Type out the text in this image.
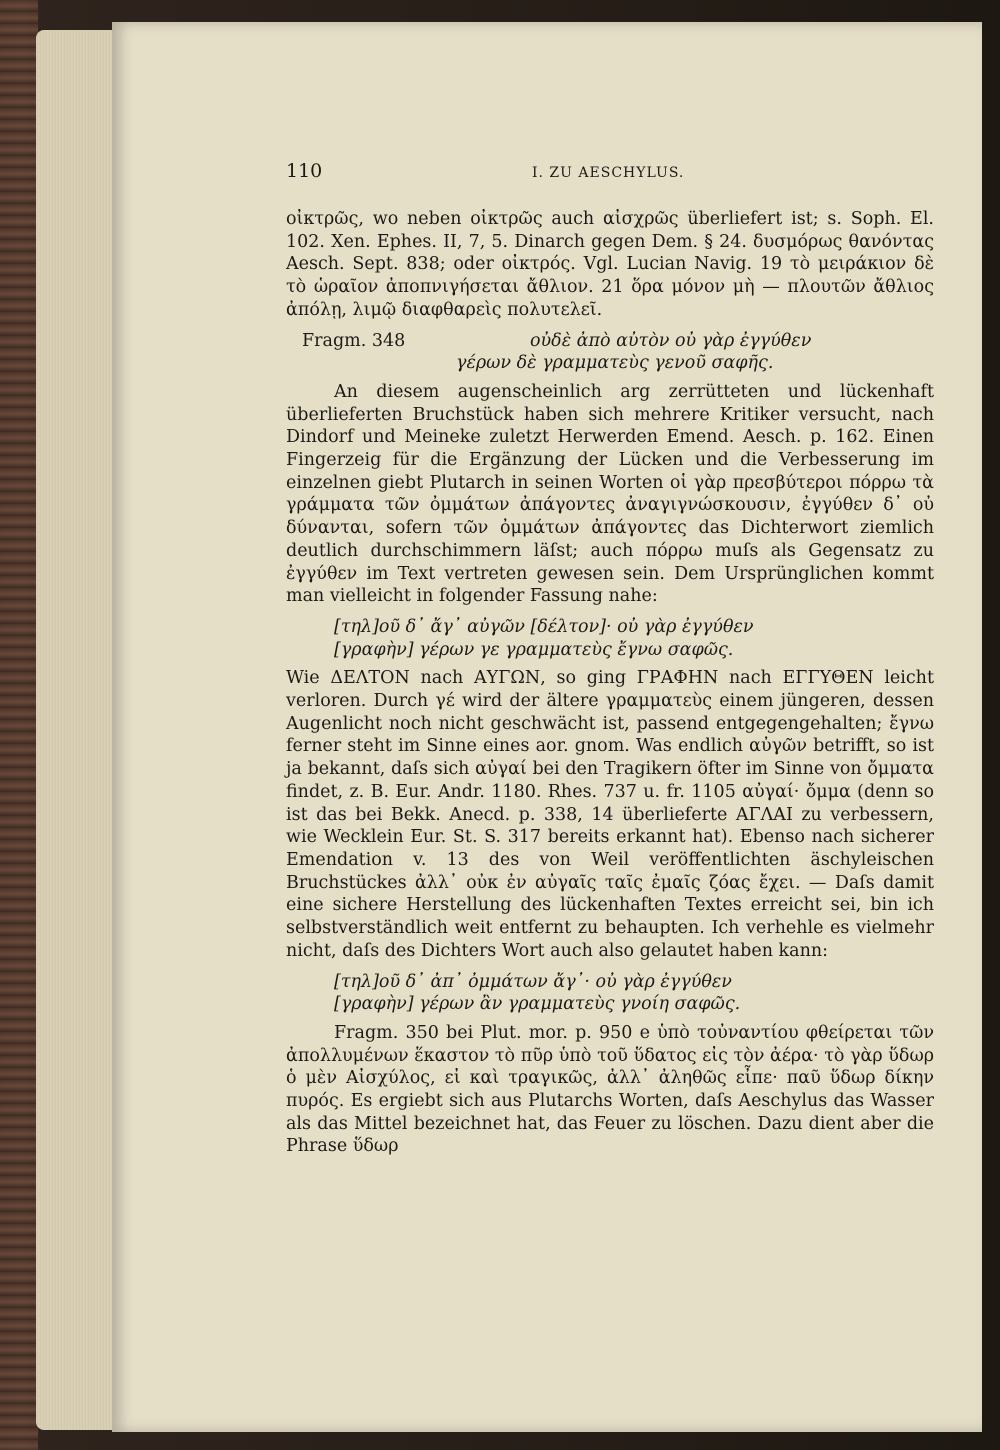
110	I. ZU AESCHYLUS.

οἰκτρῶς, wo neben οἰκτρῶς auch αἰσχρῶς überliefert ist; s. Soph. El. 102. Xen. Ephes. II, 7, 5. Dinarch gegen Dem. § 24. δυσμόρως θανόντας Aesch. Sept. 838; oder οἰκτρός. Vgl. Lucian Navig. 19 τὸ μειράκιον δὲ τὸ ὡραῖον ἀποπνιγήσεται ἄθλιον. 21 ὅρα μόνον μὴ — πλουτῶν ἄθλιος ἀπόλῃ, λιμῷ διαφθαρεὶς πολυτελεῖ.

Fragm. 348	οὐδὲ ἀπὸ αὐτὸν οὐ γὰρ ἐγγύθεν
γέρων δὲ γραμματεὺς γενοῦ σαφῆς.

An diesem augenscheinlich arg zerrütteten und lückenhaft überlieferten Bruchstück haben sich mehrere Kritiker versucht, nach Dindorf und Meineke zuletzt Herwerden Emend. Aesch. p. 162. Einen Fingerzeig für die Ergänzung der Lücken und die Verbesserung im einzelnen giebt Plutarch in seinen Worten οἱ γὰρ πρεσβύτεροι πόρρω τὰ γράμματα τῶν ὀμμάτων ἀπάγοντες ἀναγιγνώσκουσιν, ἐγγύθεν δ᾽ οὐ δύνανται, sofern τῶν ὀμμάτων ἀπάγοντες das Dichterwort ziemlich deutlich durchschimmern läſst; auch πόρρω muſs als Gegensatz zu ἐγγύθεν im Text vertreten gewesen sein. Dem Ursprünglichen kommt man vielleicht in folgender Fassung nahe:

[τηλ]οῦ δ᾽ ἄγ᾽ αὐγῶν [δέλτον]· οὐ γὰρ ἐγγύθεν
[γραφὴν] γέρων γε γραμματεὺς ἔγνω σαφῶς.

Wie ΔΕΛΤΟΝ nach ΑΥΓΩΝ, so ging ΓΡΑΦΗΝ nach ΕΓΓΥΘΕΝ leicht verloren. Durch γέ wird der ältere γραμματεὺς einem jüngeren, dessen Augenlicht noch nicht geschwächt ist, passend entgegengehalten; ἔγνω ferner steht im Sinne eines aor. gnom. Was endlich αὐγῶν betrifft, so ist ja bekannt, daſs sich αὐγαί bei den Tragikern öfter im Sinne von ὄμματα findet, z. B. Eur. Andr. 1180. Rhes. 737 u. fr. 1105 αὐγαί· ὄμμα (denn so ist das bei Bekk. Anecd. p. 338, 14 überlieferte ΑΓΛΑΙ zu verbessern, wie Wecklein Eur. St. S. 317 bereits erkannt hat). Ebenso nach sicherer Emendation v. 13 des von Weil veröffentlichten äschyleischen Bruchstückes ἀλλ᾽ οὐκ ἐν αὐγαῖς ταῖς ἐμαῖς ζόας ἔχει. — Daſs damit eine sichere Herstellung des lückenhaften Textes erreicht sei, bin ich selbstverständlich weit entfernt zu behaupten. Ich verhehle es vielmehr nicht, daſs des Dichters Wort auch also gelautet haben kann:

[τηλ]οῦ δ᾽ ἀπ᾽ ὀμμάτων ἄγ᾽· οὐ γὰρ ἐγγύθεν
[γραφὴν] γέρων ἂν γραμματεὺς γνοίη σαφῶς.

Fragm. 350 bei Plut. mor. p. 950 e ὑπὸ τοὐναντίου φθείρεται τῶν ἀπολλυμένων ἕκαστον τὸ πῦρ ὑπὸ τοῦ ὕδατος εἰς τὸν ἀέρα· τὸ γὰρ ὕδωρ ὁ μὲν Αἰσχύλος, εἰ καὶ τραγικῶς, ἀλλ᾽ ἀληθῶς εἶπε· παῦ ὕδωρ δίκην πυρός. Es ergiebt sich aus Plutarchs Worten, daſs Aeschylus das Wasser als das Mittel bezeichnet hat, das Feuer zu löschen. Dazu dient aber die Phrase ὕδωρ
